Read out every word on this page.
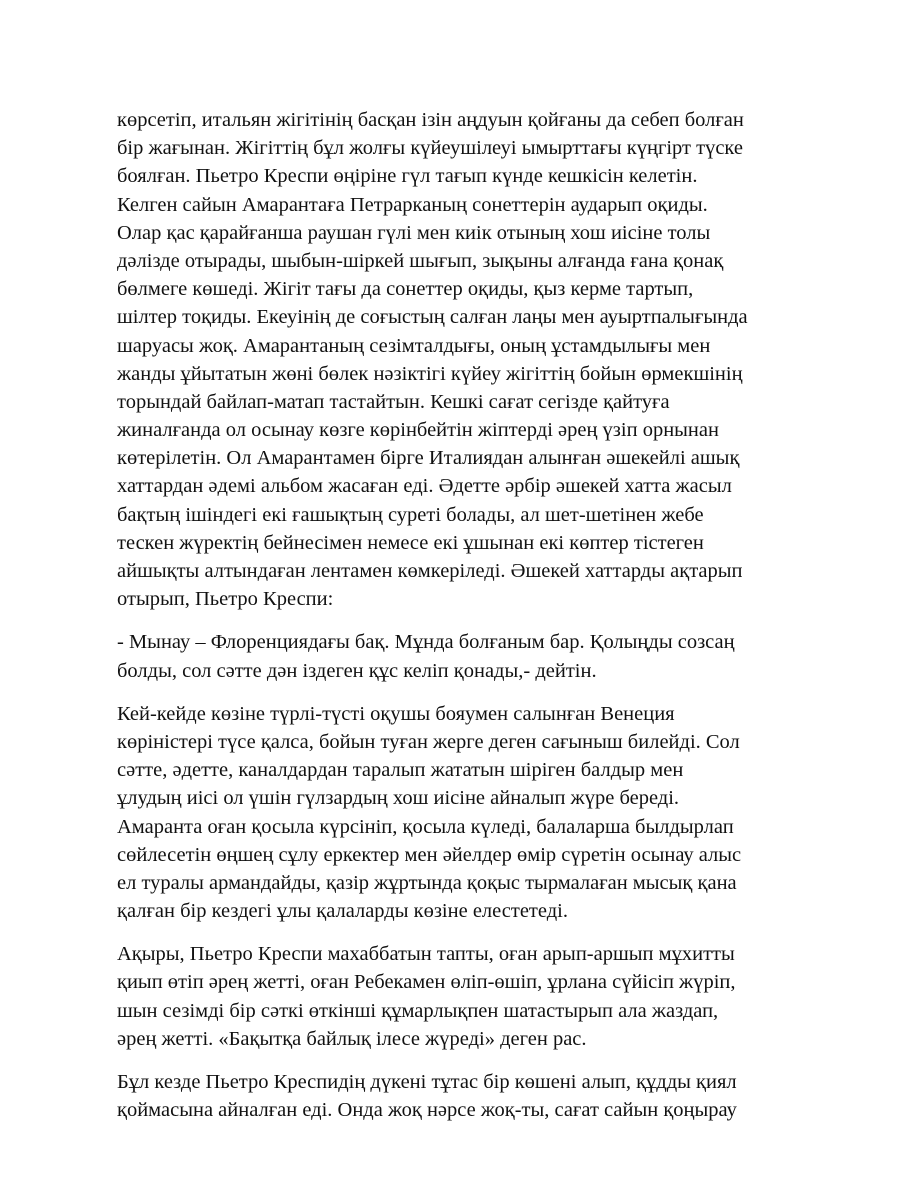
көрсетіп, итальян жігітінің басқан ізін аңдуын қойғаны да себеп болған
бір жағынан. Жігіттің бұл жолғы күйеушілеуі ымырттағы күңгірт түске
боялған. Пьетро Креспи өңіріне гүл тағып күнде кешкісін келетін.
Келген сайын Амарантаға Петрарканың сонеттерін аударып оқиды.
Олар қас қарайғанша раушан гүлі мен киік отының хош иісіне толы
дәлізде отырады, шыбын-шіркей шығып, зықыны алғанда ғана қонақ
бөлмеге көшеді. Жігіт тағы да сонеттер оқиды, қыз керме тартып,
шілтер тоқиды. Екеуінің де соғыстың салған лаңы мен ауыртпалығында
шаруасы жоқ. Амарантаның сезімталдығы, оның ұстамдылығы мен
жанды ұйытатын жөні бөлек нәзіктігі күйеу жігіттің бойын өрмекшінің
торындай байлап-матап тастайтын. Кешкі сағат сегізде қайтуға
жиналғанда ол осынау көзге көрінбейтін жіптерді әрең үзіп орнынан
көтерілетін. Ол Амарантамен бірге Италиядан алынған әшекейлі ашық
хаттардан әдемі альбом жасаған еді. Әдетте әрбір әшекей хатта жасыл
бақтың ішіндегі екі ғашықтың суреті болады, ал шет-шетінен жебе
тескен жүректің бейнесімен немесе екі ұшынан екі көптер тістеген
айшықты алтындаған лентамен көмкеріледі. Әшекей хаттарды ақтарып
отырып, Пьетро Креспи:
- Мынау – Флоренциядағы бақ. Мұнда болғаным бар. Қолыңды созсаң
болды, сол сәтте дән іздеген құс келіп қонады,- дейтін.
Кей-кейде көзіне түрлі-түсті оқушы бояумен салынған Венеция
көріністері түсе қалса, бойын туған жерге деген сағыныш билейді. Сол
сәтте, әдетте, каналдардан таралып жататын шіріген балдыр мен
ұлудың иісі ол үшін гүлзардың хош иісіне айналып жүре береді.
Амаранта оған қосыла күрсініп, қосыла күледі, балаларша былдырлап
сөйлесетін өңшең сұлу еркектер мен әйелдер өмір сүретін осынау алыс
ел туралы армандайды, қазір жұртында қоқыс тырмалаған мысық қана
қалған бір кездегі ұлы қалаларды көзіне елестетеді.
Ақыры, Пьетро Креспи махаббатын тапты, оған арып-аршып мұхитты
қиып өтіп әрең жетті, оған Ребекамен өліп-өшіп, ұрлана сүйісіп жүріп,
шын сезімді бір сәткі өткінші құмарлықпен шатастырып ала жаздап,
әрең жетті. «Бақытқа байлық ілесе жүреді» деген рас.
Бұл кезде Пьетро Креспидің дүкені тұтас бір көшені алып, құдды қиял
қоймасына айналған еді. Онда жоқ нәрсе жоқ-ты, сағат сайын қоңырау
